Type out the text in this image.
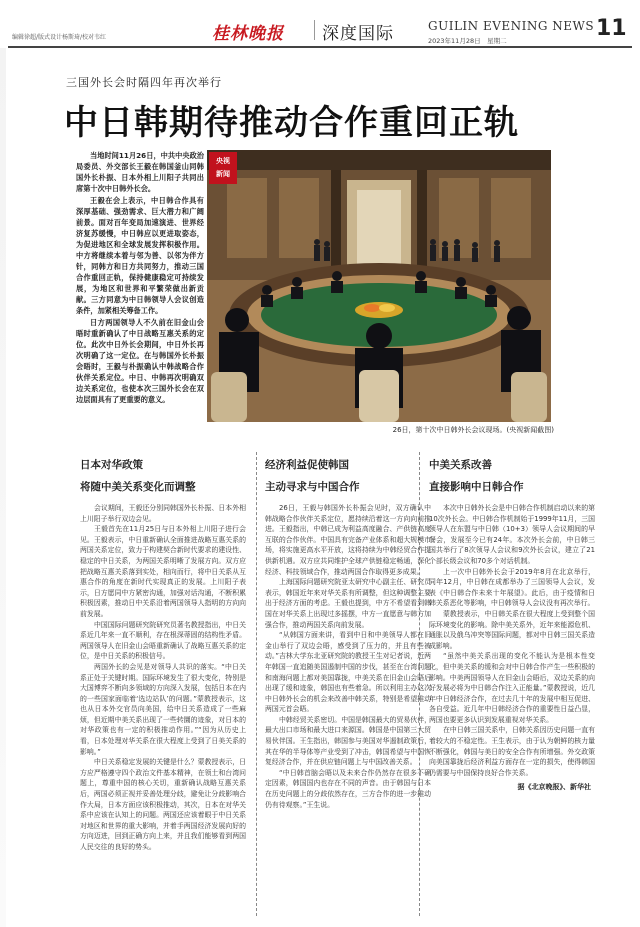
编辑徐超/版式设计杨斯琦/校对韦红	桂林晚报 深度国际	GUILIN EVENING NEWS
2023年11月28日　星期二	11
三国外长会时隔四年再次举行
中日韩期待推动合作重回正轨

当地时间11月26日，中共中央政治局委员、外交部长王毅在韩国釜山同韩国外长朴振、日本外相上川阳子共同出席第十次中日韩外长会。

王毅在会上表示，中日韩合作具有深厚基础、强劲需求、巨大潜力和广阔前景。面对百年变局加速演进、世界经济复苏缓慢，中日韩应以更进取姿态，为促进地区和全球发展发挥积极作用。中方将继续本着与邻为善、以邻为伴方针，同韩方和日方共同努力，推动三国合作重回正轨，保持健康稳定可持续发展，为地区和世界和平繁荣做出新贡献。三方同意为中日韩领导人会议创造条件，加紧相关筹备工作。

日方两国领导人不久前在旧金山会晤时重新确认了中日战略互惠关系的定位。此次中日外长会期间，中日外长再次明确了这一定位。在与韩国外长朴振会晤时，王毅与朴振确认中韩战略合作伙伴关系定位。中日、中韩再次明确双边关系定位，也使本次三国外长会在双边层面具有了更重要的意义。

央视
新闻
26日，第十次中日韩外长会议现场。(央视新闻截图)
日本对华政策
将随中美关系变化而调整

会议期间，王毅还分别同韩国外长朴振、日本外相上川阳子举行双边会见。

王毅首先在11月25日与日本外相上川阳子进行会见。王毅表示，中日重新确认全面推进战略互惠关系的两国关系定位，致力于构建契合新时代要求的建设性、稳定的中日关系，为两国关系明晰了发展方向。双方应把战略互惠关系落到实处，相向而行，将中日关系从互惠合作的角度在新时代实现真正的发展。上川阳子表示，日方愿同中方紧密沟通，加强对话沟通，不断积累积极因素，推动日中关系沿着两国领导人指明的方向向前发展。

中国国际问题研究院研究员著名教授指出，中日关系近几年来一直不顺利，存在根深蒂固的结构性矛盾。两国领导人在旧金山会晤重新确认了战略互惠关系的定位，是中日关系的积极信号。

两国外长的会见是对领导人共识的落实。“中日关系正处于关键时期。国际环境发生了很大变化，特别是大国博弈不断向多领域的方向深入发展，包括日本在内的一些国家面临着‘选边站队’的问题。”蒙教授表示，这也从日本外交官员向美国，给中日关系造成了一些麻烦，但近期中美关系出现了一些转圜的迹象，对日本的对华政策也有一定的积极推动作用。”“因为从历史上看，日本处理对华关系在很大程度上受到了日美关系的影响。”

中日关系稳定发展的关键是什么？蒙教授表示，日方应严格遵守四个政治文件基本精神，在领土和台湾问题上，尊重中国的核心关切，重新确认战略互惠关系后，两国必须正视并妥善处理分歧，避免让分歧影响合作大局，日本方面应该积极推动，其次，日本在对华关系中应该在认知上的问题。两国还应该着眼于中日关系对地区和世界的重大影响，并着手两国经济发展向好的方向迈进，回到正确方向上来，并且我们能够看到两国人民交往的良好的势头。

经济利益促使韩国
主动寻求与中国合作

26日，王毅与韩国外长朴振会见时，双方确认中韩战略合作伙伴关系定位，愿持续沿着这一方向向前推进。王毅指出，中韩已成为利益高度融合、产供链高度互联的合作伙伴。中国具有完备产业体系和超大规模市场，将实施更高水平开放，这将持续为中韩经贸合作提供新机遇。双方应共同维护全球产供链稳定畅通，深化经济、科技领域合作，推动两国合作取得更多成果。

上海国际问题研究院亚太研究中心副主任、研究员表示，韩国近年来对华关系有所调整，但这种调整主要出于经济方面的考虑。王毅也提到，中方不希望看到韩国在对华关系上出现过多摇摆，中方一直愿意与韩方加强合作，推动两国关系向前发展。

“从韩国方面来讲，看到中日和中美领导人都在旧金山举行了双边会晤，感受到了压力的，并且有些被动。”吉林大学东北亚研究院的教授王生对记者说，近两年韩国一直追随美国遏制中国的步伐，甚至在台湾问题和南海问题上都对美国靠拢，中美关系在旧金山会晤后出现了缓和迹象，韩国也有些着急。所以利用主办这次中日韩外长会的机会来改善中韩关系，特别是希望推动两国元首会晤。

中韩经贸关系密切。中国是韩国最大的贸易伙伴，最大出口市场和最大进口来源国。韩国是中国第三大贸易伙伴国。王生指出，韩国参与美国对华遏制政策后，其在华的半导体等产业受到了冲击，韩国希望与中国恢复经济合作，并在供应链问题上与中国改善关系。

“中日韩首脑会晤以及未来合作仍然存在很多不确定因素，韩国国内也存在不同的声音。由于韩国与日本在历史问题上的分歧依然存在，三方合作的进一步推动仍有待观察。”王生说。

中美关系改善
直接影响中日韩合作

本次中日韩外长会是中日韩合作机制启动以来的第10次外长会。中日韩合作机制始于1999年11月，三国领导人在东盟与中日韩（10+3）领导人会议期间的早餐会，发展至今已有24年。本次外长会前，中日韩三国共举行了8次领导人会议和9次外长会议，建立了21个部长级会议和70多个对话机制。

上一次中日韩外长会于2019年8月在北京举行，同年12月，中日韩在成都举办了三国领导人会议，发表《中日韩合作未来十年展望》。此后，由于疫情和日韩关系恶化等影响，中日韩领导人会议没有再次举行。

蒙教授表示，中日韩关系在很大程度上受到整个国际环境变化的影响。除中美关系外，近年来能源危机、通胀以及俄乌冲突等国际问题，都对中日韩三国关系造成影响。

“虽然中美关系出现的变化不能认为是根本性变化，但中美关系的缓和会对中日韩合作产生一些积极的影响。中美两国领导人在旧金山会晤后，双边关系的向好发展必将为中日韩合作注入正能量。”蒙教授说，近几年中日韩经济合作，在过去几十年的发展中相互促进、各自受益。近几年中日韩经济合作的重要性日益凸显，两国也要更多认识到发展重视对华关系。

在中日韩三国关系中，日韩关系因历史问题一直有着较大的不稳定性。王生表示，由于认为朝鲜的核力量不断强化，韩国与美日的安全合作有所增强。外交政策向美国靠拢后经济利益方面存在一定的损失，使得韩国仍需要与中国保持良好合作关系。

据《北京晚报》、新华社
